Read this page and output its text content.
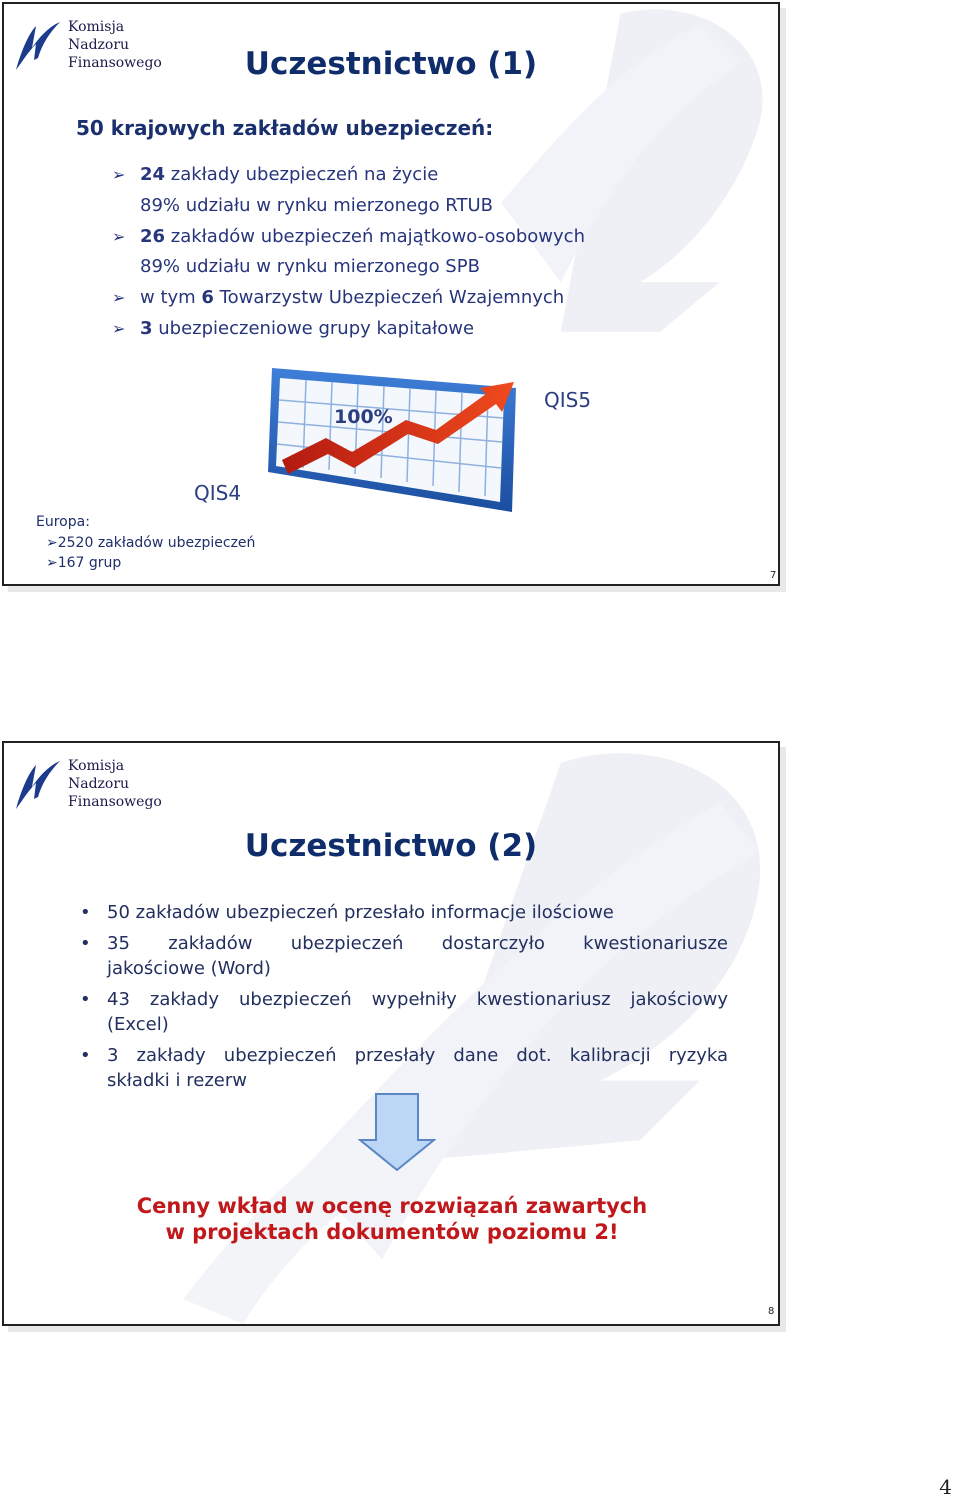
Komisja
Nadzoru
Finansowego	Uczestnictwo (1)
50 krajowych zakładów ubezpieczeń:
➢ 24 zakłady ubezpieczeń na życie
89% udziału w rynku mierzonego RTUB
➢ 26 zakładów ubezpieczeń majątkowo-osobowych
89% udziału w rynku mierzonego SPB
➢ w tym 6 Towarzystw Ubezpieczeń Wzajemnych
➢ 3 ubezpieczeniowe grupy kapitałowe
100%
QIS5
QIS4
Europa:
➢2520 zakładów ubezpieczeń
➢167 grup
7
Komisja
Nadzoru
Finansowego
Uczestnictwo (2)
• 50 zakładów ubezpieczeń przesłało informacje ilościowe
• 35 zakładów ubezpieczeń dostarczyło kwestionariusze
jakościowe (Word)
• 43 zakłady ubezpieczeń wypełniły kwestionariusz jakościowy
(Excel)
• 3 zakłady ubezpieczeń przesłały dane dot. kalibracji ryzyka
składki i rezerw
Cenny wkład w ocenę rozwiązań zawartych
w projektach dokumentów poziomu 2!
8
4
